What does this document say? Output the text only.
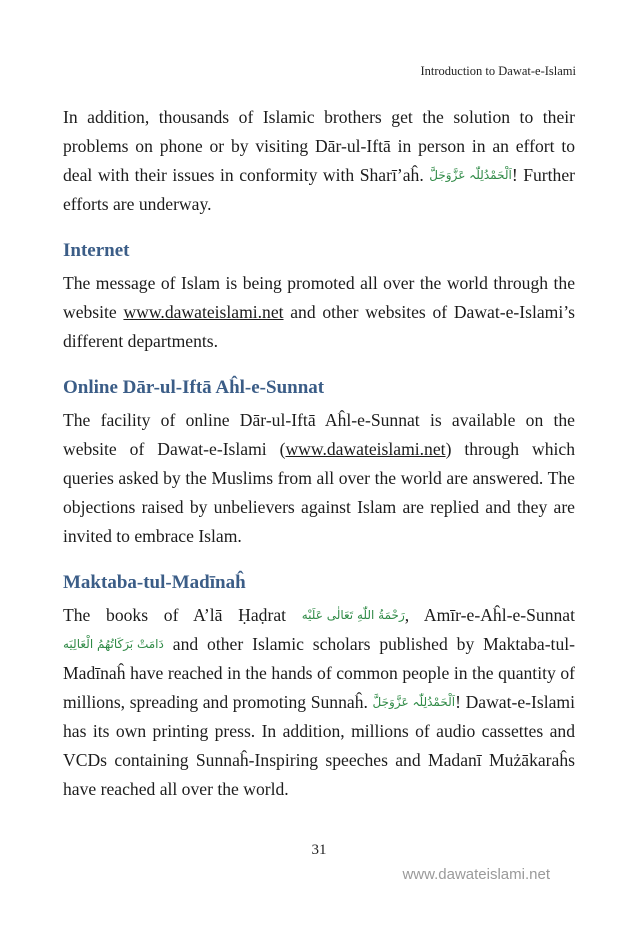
Introduction to Dawat-e-Islami

In addition, thousands of Islamic brothers get the solution to their problems on phone or by visiting Dār-ul-Iftā in person in an effort to deal with their issues in conformity with Sharī’aĥ. اَلْحَمْدُلِلّٰہ عَزَّوَجَلَّ! Further efforts are underway.

Internet

The message of Islam is being promoted all over the world through the website www.dawateislami.net and other websites of Dawat-e-Islami’s different departments.

Online Dār-ul-Iftā Aĥl-e-Sunnat

The facility of online Dār-ul-Iftā Aĥl-e-Sunnat is available on the website of Dawat-e-Islami (www.dawateislami.net) through which queries asked by the Muslims from all over the world are answered. The objections raised by unbelievers against Islam are replied and they are invited to embrace Islam.

Maktaba-tul-Madīnaĥ

The books of A’lā Ḥaḍrat رَحْمَةُ اللّٰهِ تَعَالٰی عَلَيْه, Amīr-e-Aĥl-e-Sunnat دَامَتْ بَرَكَاتُهُمُ الْعَالِيَه and other Islamic scholars published by Maktaba-tul-Madīnaĥ have reached in the hands of common people in the quantity of millions, spreading and promoting Sunnaĥ. اَلْحَمْدُلِلّٰہ عَزَّوَجَلَّ! Dawat-e-Islami has its own printing press. In addition, millions of audio cassettes and VCDs containing Sunnaĥ-Inspiring speeches and Madanī Mużākaraĥs have reached all over the world.

31
www.dawateislami.net
